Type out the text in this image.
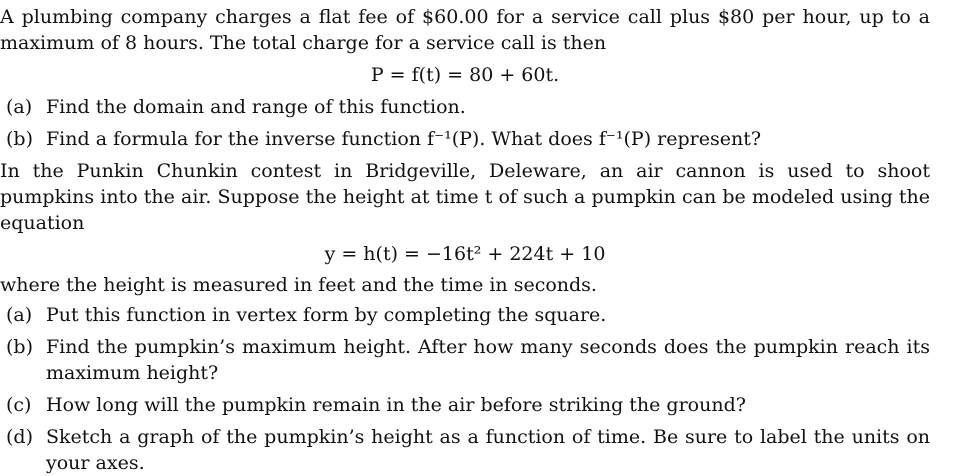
A plumbing company charges a flat fee of $60.00 for a service call plus $80 per hour, up to a maximum of 8 hours. The total charge for a service call is then

P = f(t) = 80 + 60t.

(a) Find the domain and range of this function.
(b) Find a formula for the inverse function f⁻¹(P). What does f⁻¹(P) represent?

In the Punkin Chunkin contest in Bridgeville, Deleware, an air cannon is used to shoot pumpkins into the air. Suppose the height at time t of such a pumpkin can be modeled using the equation

y = h(t) = −16t² + 224t + 10

where the height is measured in feet and the time in seconds.

(a) Put this function in vertex form by completing the square.
(b) Find the pumpkin’s maximum height. After how many seconds does the pumpkin reach its maximum height?
(c) How long will the pumpkin remain in the air before striking the ground?
(d) Sketch a graph of the pumpkin’s height as a function of time. Be sure to label the units on your axes.
